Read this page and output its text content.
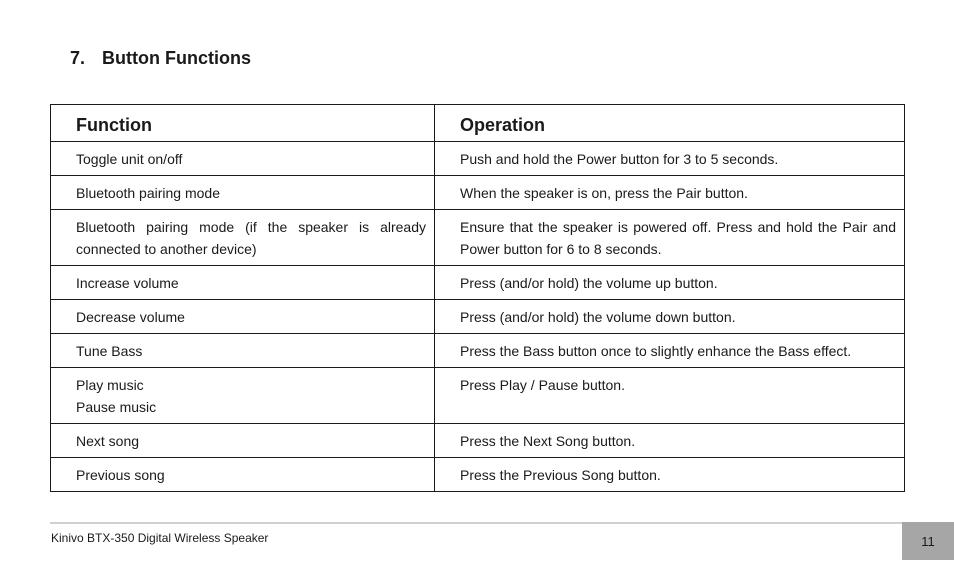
7. Button Functions
Function	Operation

Toggle unit on/off	Push and hold the Power button for 3 to 5 seconds.

Bluetooth pairing mode	When the speaker is on, press the Pair button.

Bluetooth pairing mode (if the speaker is already connected to another device)	Ensure that the speaker is powered off. Press and hold the Pair and Power button for 6 to 8 seconds.

Increase volume	Press (and/or hold) the volume up button.

Decrease volume	Press (and/or hold) the volume down button.

Tune Bass	Press the Bass button once to slightly enhance the Bass effect.

Play music
Pause music	Press Play / Pause button.

Next song	Press the Next Song button.

Previous song	Press the Previous Song button.
Kinivo BTX-350 Digital Wireless Speaker	11
